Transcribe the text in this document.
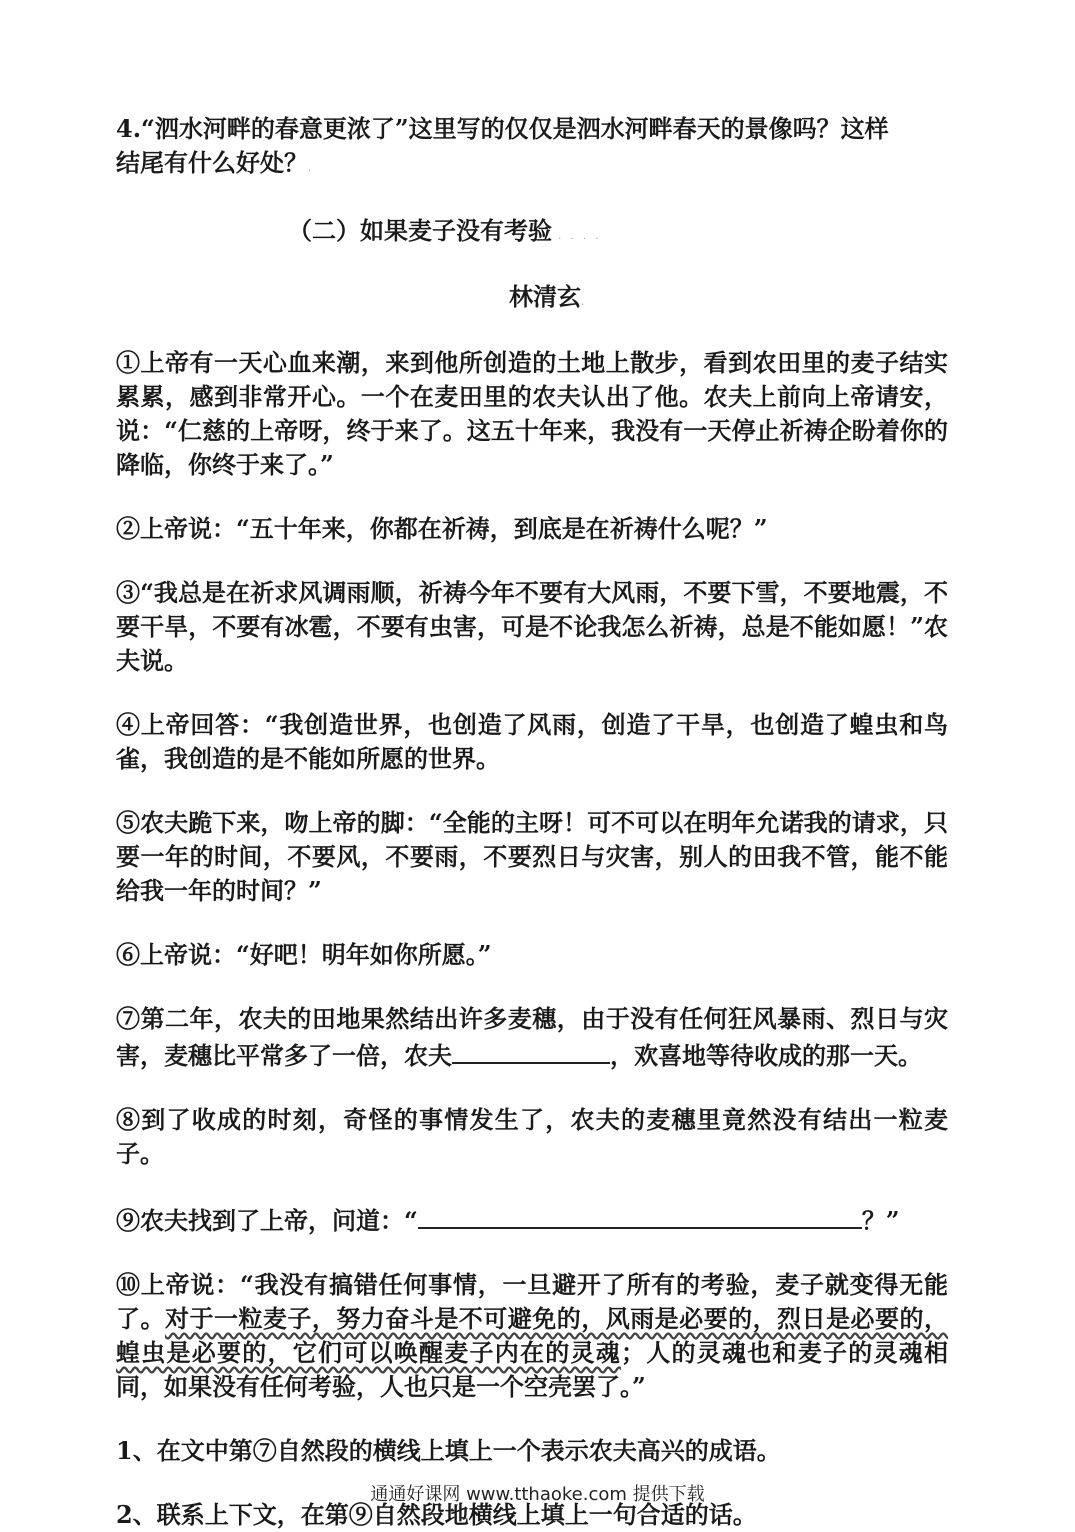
4.“泗水河畔的春意更浓了”这里写的仅仅是泗水河畔春天的景像吗？这样

结尾有什么好处？.

（二）如果麦子没有考验 . . . .

林清玄.

①上帝有一天心血来潮，来到他所创造的土地上散步，看到农田里的麦子结实累累，感到非常开心。一个在麦田里的农夫认出了他。农夫上前向上帝请安，说：“仁慈的上帝呀，终于来了。这五十年来，我没有一天停止祈祷企盼着你的降临，你终于来了。”

②上帝说：“五十年来，你都在祈祷，到底是在祈祷什么呢？”

③“我总是在祈求风调雨顺，祈祷今年不要有大风雨，不要下雪，不要地震，不要干旱，不要有冰雹，不要有虫害，可是不论我怎么祈祷，总是不能如愿！”农夫说。

④上帝回答：“我创造世界，也创造了风雨，创造了干旱，也创造了蝗虫和鸟雀，我创造的是不能如所愿的世界。

⑤农夫跪下来，吻上帝的脚：“全能的主呀！可不可以在明年允诺我的请求，只要一年的时间，不要风，不要雨，不要烈日与灾害，别人的田我不管，能不能给我一年的时间？”

⑥上帝说：“好吧！明年如你所愿。”

⑦第二年，农夫的田地果然结出许多麦穗，由于没有任何狂风暴雨、烈日与灾害，麦穗比平常多了一倍，农夫	，欢喜地等待收成的那一天。

⑧到了收成的时刻，奇怪的事情发生了，农夫的麦穗里竟然没有结出一粒麦子。

⑨农夫找到了上帝，问道：“	？”

⑩上帝说：“我没有搞错任何事情，一旦避开了所有的考验，麦子就变得无能了。对于一粒麦子，努力奋斗是不可避免的，风雨是必要的，烈日是必要的，蝗虫是必要的，它们可以唤醒麦子内在的灵魂；人的灵魂也和麦子的灵魂相同，如果没有任何考验，人也只是一个空壳罢了。”

1、在文中第⑦自然段的横线上填上一个表示农夫高兴的成语。

2、联系上下文，在第⑨自然段地横线上填上一句合适的话。

通通好课网 www.tthaoke.com 提供下载
